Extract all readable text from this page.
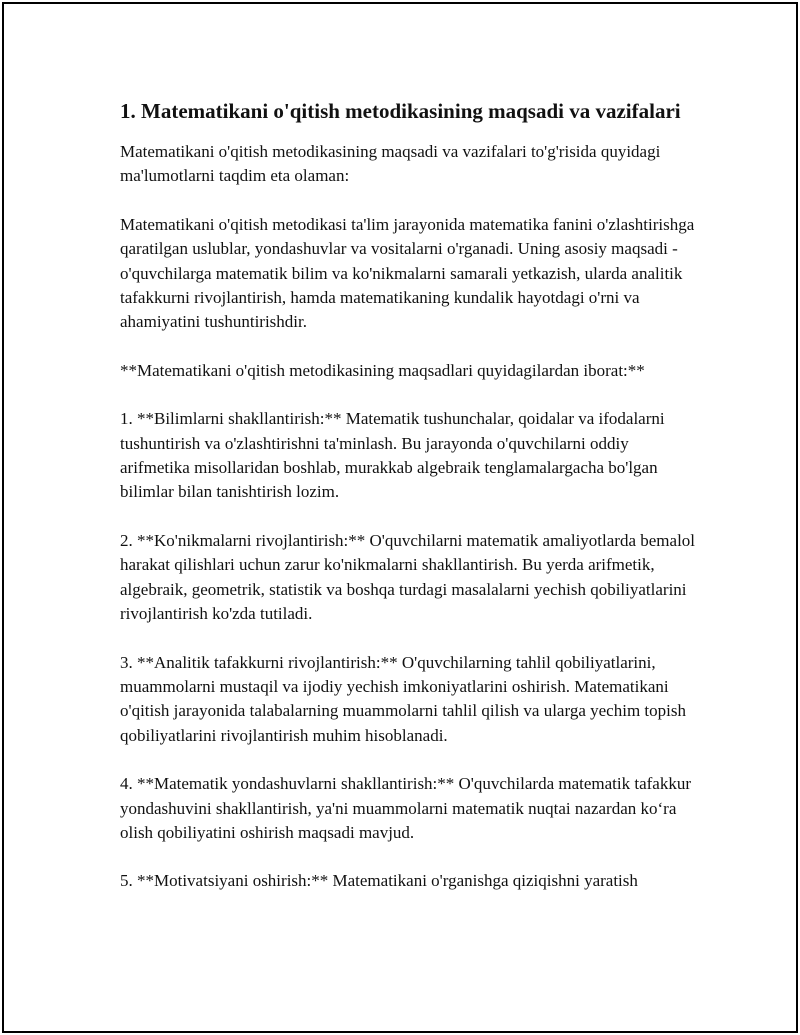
1. Matematikani o'qitish metodikasining maqsadi va vazifalari

Matematikani o'qitish metodikasining maqsadi va vazifalari to'g'risida quyidagi ma'lumotlarni taqdim eta olaman:

Matematikani o'qitish metodikasi ta'lim jarayonida matematika fanini o'zlashtirishga qaratilgan uslublar, yondashuvlar va vositalarni o'rganadi. Uning asosiy maqsadi - o'quvchilarga matematik bilim va ko'nikmalarni samarali yetkazish, ularda analitik tafakkurni rivojlantirish, hamda matematikaning kundalik hayotdagi o'rni va ahamiyatini tushuntirishdir.

**Matematikani o'qitish metodikasining maqsadlari quyidagilardan iborat:**

1. **Bilimlarni shakllantirish:** Matematik tushunchalar, qoidalar va ifodalarni tushuntirish va o'zlashtirishni ta'minlash. Bu jarayonda o'quvchilarni oddiy arifmetika misollaridan boshlab, murakkab algebraik tenglamalargacha bo'lgan bilimlar bilan tanishtirish lozim.

2. **Ko'nikmalarni rivojlantirish:** O'quvchilarni matematik amaliyotlarda bemalol harakat qilishlari uchun zarur ko'nikmalarni shakllantirish. Bu yerda arifmetik, algebraik, geometrik, statistik va boshqa turdagi masalalarni yechish qobiliyatlarini rivojlantirish ko'zda tutiladi.

3. **Analitik tafakkurni rivojlantirish:** O'quvchilarning tahlil qobiliyatlarini, muammolarni mustaqil va ijodiy yechish imkoniyatlarini oshirish. Matematikani o'qitish jarayonida talabalarning muammolarni tahlil qilish va ularga yechim topish qobiliyatlarini rivojlantirish muhim hisoblanadi.

4. **Matematik yondashuvlarni shakllantirish:** O'quvchilarda matematik tafakkur yondashuvini shakllantirish, ya'ni muammolarni matematik nuqtai nazardan ko‘ra olish qobiliyatini oshirish maqsadi mavjud.

5. **Motivatsiyani oshirish:** Matematikani o'rganishga qiziqishni yaratish
